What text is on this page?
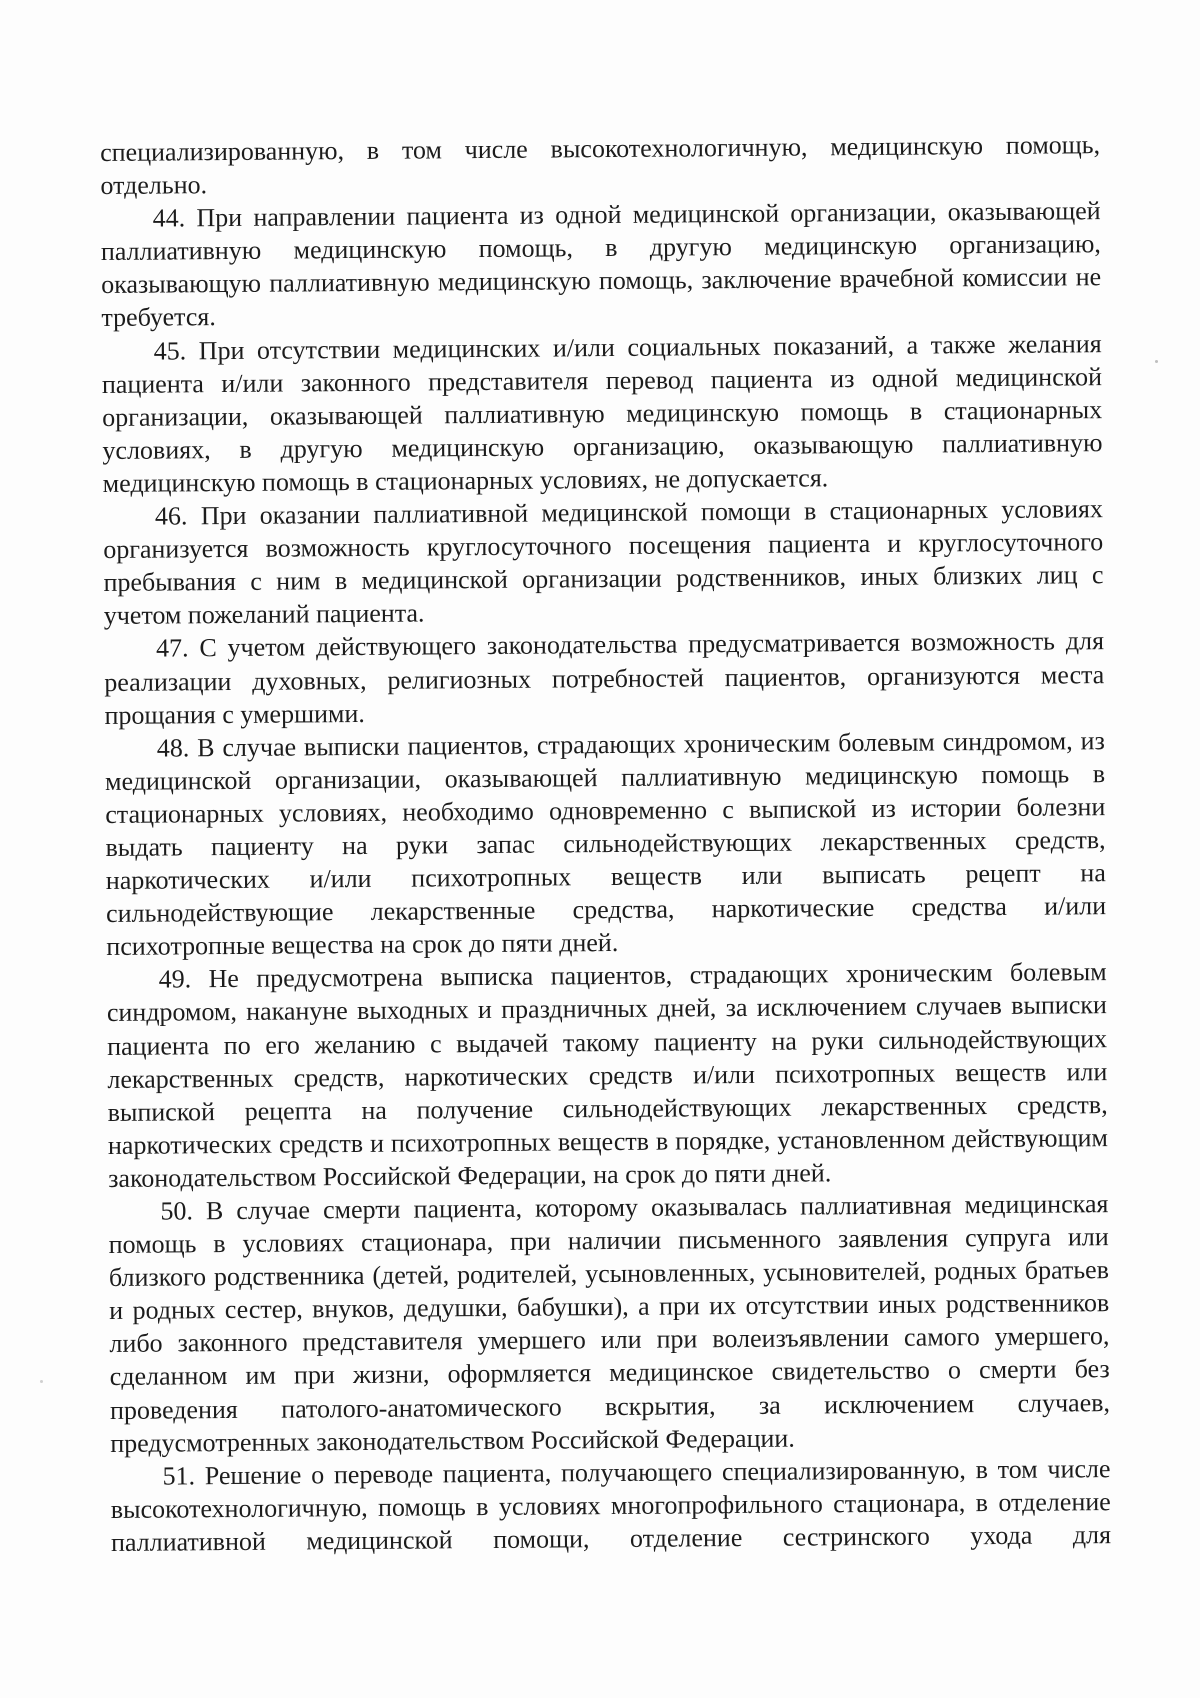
специализированную, в том числе высокотехнологичную, медицинскую помощь, отдельно.

44. При направлении пациента из одной медицинской организации, оказывающей паллиативную медицинскую помощь, в другую медицинскую организацию, оказывающую паллиативную медицинскую помощь, заключение врачебной комиссии не требуется.

45. При отсутствии медицинских и/или социальных показаний, а также желания пациента и/или законного представителя перевод пациента из одной медицинской организации, оказывающей паллиативную медицинскую помощь в стационарных условиях, в другую медицинскую организацию, оказывающую паллиативную медицинскую помощь в стационарных условиях, не допускается.

46. При оказании паллиативной медицинской помощи в стационарных условиях организуется возможность круглосуточного посещения пациента и круглосуточного пребывания с ним в медицинской организации родственников, иных близких лиц с учетом пожеланий пациента.

47. С учетом действующего законодательства предусматривается возможность для реализации духовных, религиозных потребностей пациентов, организуются места прощания с умершими.

48. В случае выписки пациентов, страдающих хроническим болевым синдромом, из медицинской организации, оказывающей паллиативную медицинскую помощь в стационарных условиях, необходимо одновременно с выпиской из истории болезни выдать пациенту на руки запас сильнодействующих лекарственных средств, наркотических и/или психотропных веществ или выписать рецепт на сильнодействующие лекарственные средства, наркотические средства и/или психотропные вещества на срок до пяти дней.

49. Не предусмотрена выписка пациентов, страдающих хроническим болевым синдромом, накануне выходных и праздничных дней, за исключением случаев выписки пациента по его желанию с выдачей такому пациенту на руки сильнодействующих лекарственных средств, наркотических средств и/или психотропных веществ или выпиской рецепта на получение сильнодействующих лекарственных средств, наркотических средств и психотропных веществ в порядке, установленном действующим законодательством Российской Федерации, на срок до пяти дней.

50. В случае смерти пациента, которому оказывалась паллиативная медицинская помощь в условиях стационара, при наличии письменного заявления супруга или близкого родственника (детей, родителей, усыновленных, усыновителей, родных братьев и родных сестер, внуков, дедушки, бабушки), а при их отсутствии иных родственников либо законного представителя умершего или при волеизъявлении самого умершего, сделанном им при жизни, оформляется медицинское свидетельство о смерти без проведения патолого-анатомического вскрытия, за исключением случаев, предусмотренных законодательством Российской Федерации.

51. Решение о переводе пациента, получающего специализированную, в том числе высокотехнологичную, помощь в условиях многопрофильного стационара, в отделение паллиативной медицинской помощи, отделение сестринского ухода для
